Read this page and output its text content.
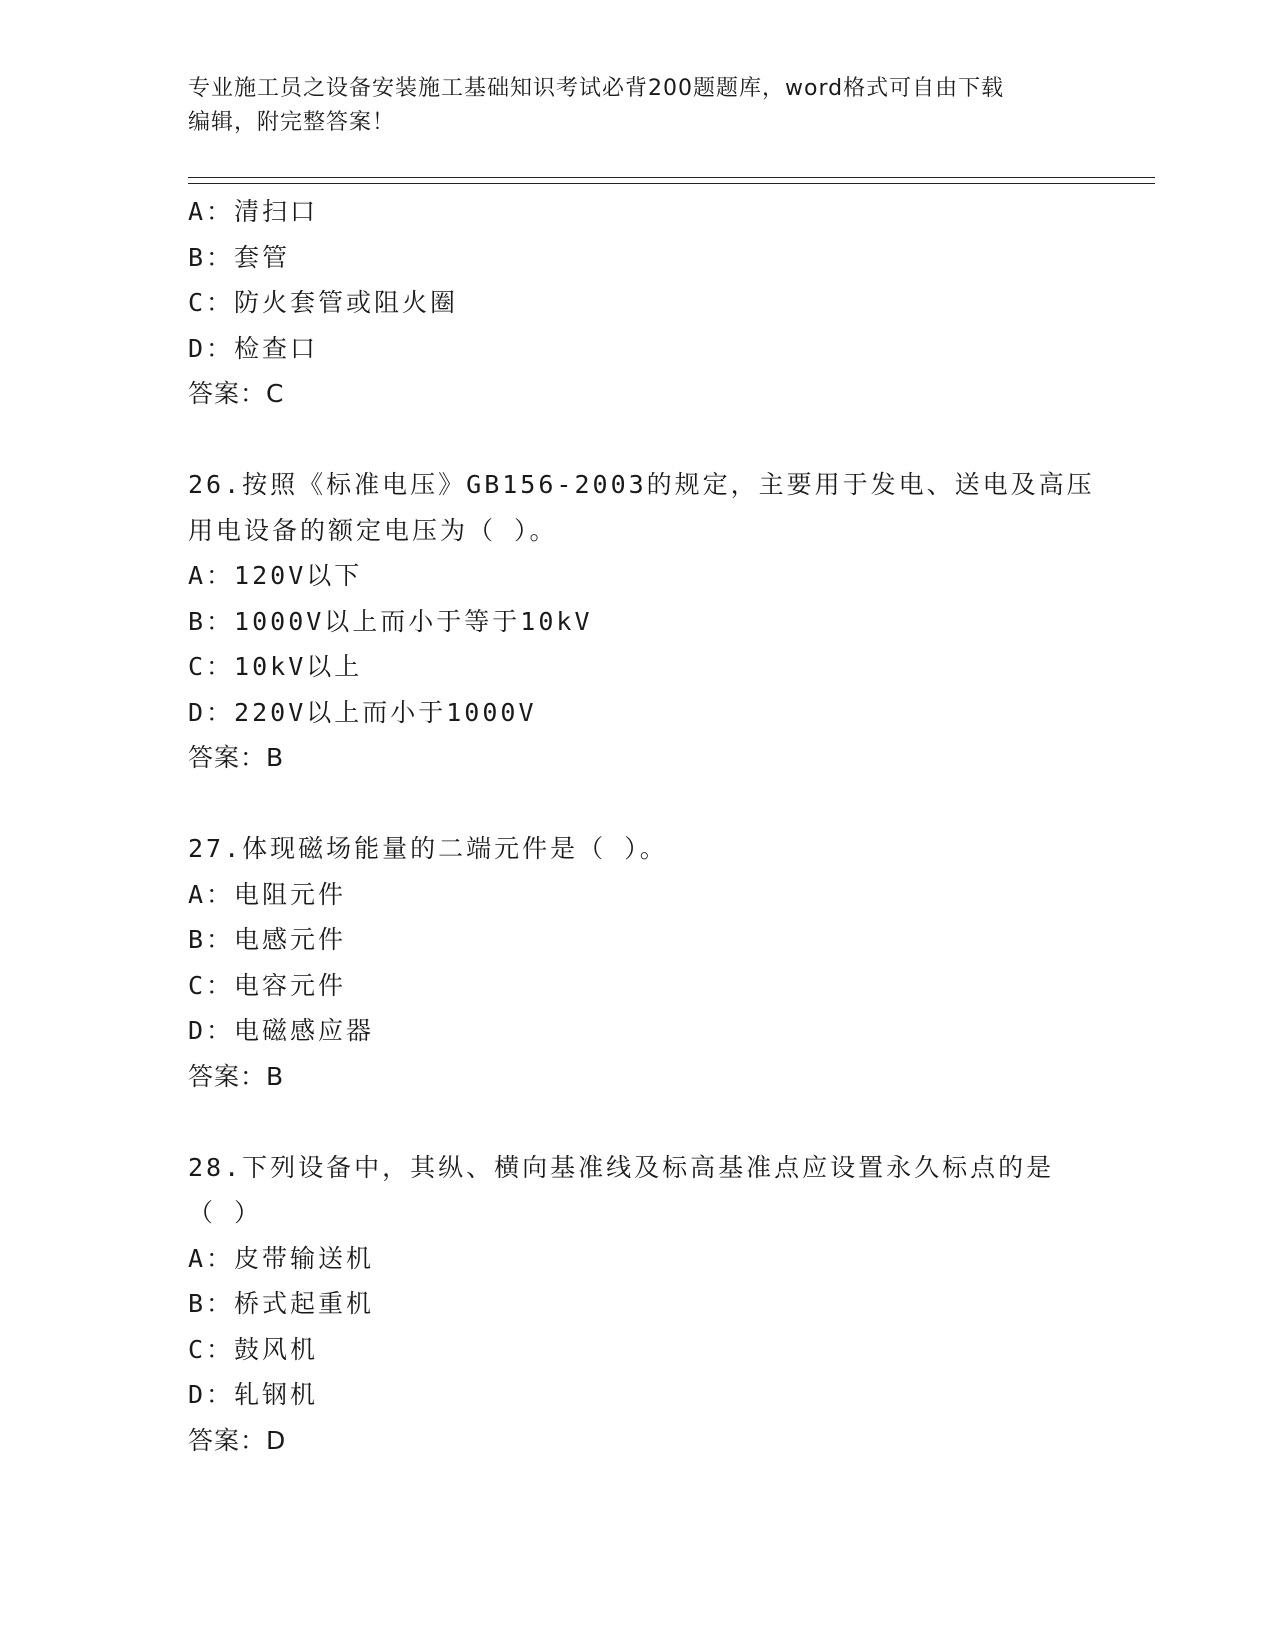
专业施工员之设备安装施工基础知识考试必背200题题库，word格式可自由下载
编辑，附完整答案！
A：清扫口
B：套管
C：防火套管或阻火圈
D：检查口
答案：C
26.按照《标准电压》GB156-2003的规定，主要用于发电、送电及高压
用电设备的额定电压为（ ）。
A：120V以下
B：1000V以上而小于等于10kV
C：10kV以上
D：220V以上而小于1000V
答案：B
27.体现磁场能量的二端元件是（ ）。
A：电阻元件
B：电感元件
C：电容元件
D：电磁感应器
答案：B
28.下列设备中，其纵、横向基准线及标高基准点应设置永久标点的是
（ ）
A：皮带输送机
B：桥式起重机
C：鼓风机
D：轧钢机
答案：D
